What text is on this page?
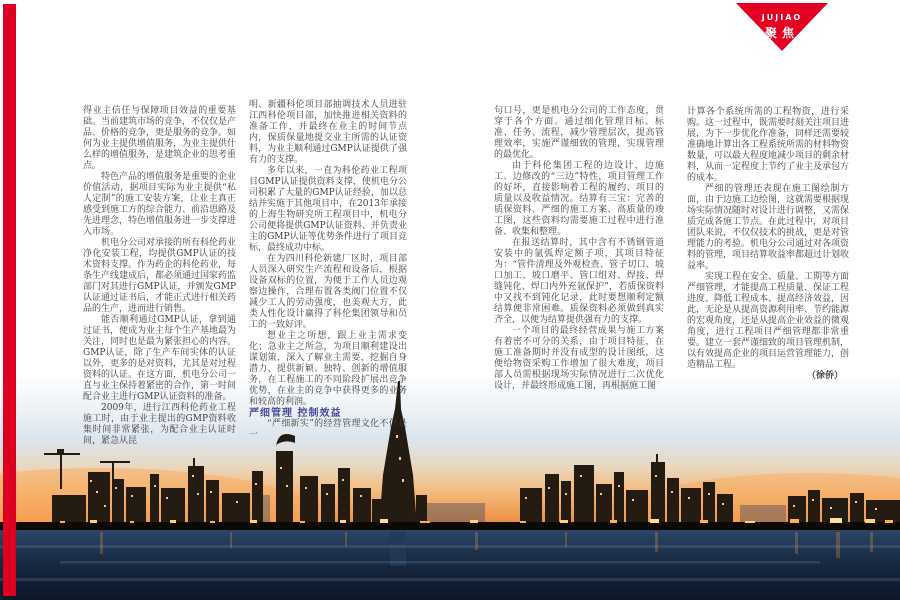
JUJIAO
聚焦

得业主信任与保障项目效益的重要基础。当前建筑市场的竞争，不仅仅是产品、价格的竞争，更是服务的竞争。如何为业主提供增值服务，为业主提供什么样的增值服务，是建筑企业的思考重点。

特色产品的增值服务是重要的企业价值活动，据项目实际为业主提供“私人定制”的施工安装方案，让业主真正感受到施工方的综合能力、前沿思路及先进理念，特色增值服务进一步支撑进入市场。

机电分公司对承接的所有科伦药业净化安装工程，均提供GMP认证的技术资料支撑。作为药企的科伦药业，每条生产线建成后，都必须通过国家药监部门对其进行GMP认证，并颁发GMP认证通过证书后，才能正式进行相关药品的生产，进而进行销售。

能否顺利通过GMP认证，拿到通过证书，便成为业主每个生产基地最为关注，同时也是最为紧张担心的内容。GMP认证，除了生产车间实体的认证以外，更多的是对资料，尤其是对过程资料的认证。在这方面，机电分公司一直与业主保持着紧密的合作，第一时间配合业主进行GMP认证资料的准备。

2009年，进行江西科伦药业工程施工时，由于业主提出的GMP资料收集时间非常紧张，为配合业主认证时间，紧急从昆

明、新疆科伦项目部抽调技术人员进驻江西科伦项目部，加快推进相关资料的准备工作，并最终在业主的时间节点内，保质保量地提交业主所需的认证资料，为业主顺利通过GMP认证提供了强有力的支撑。

多年以来，一直为科伦药业工程项目GMP认证提供资料支撑，使机电分公司积累了大量的GMP认证经验，加以总结并实施于其他项目中，在2013年承接的上海生物研究所工程项目中，机电分公司便将提供GMP认证资料、并负责业主的GMP认证等优势条件进行了项目竞标，最终成功中标。

在为四川科伦新建厂区时，项目部人员深入研究生产流程和设备后，根据设备双标的位置，为便于工作人员边观察边操作，合理布置各类阀门位置不仅减少工人的劳动强度，也美观大方，此类人性化设计赢得了科伦集团领导和员工的一致好评。

想业主之所想，跟上业主需求变化；急业主之所急，为项目顺利建设出谋划策，深入了解业主需要，挖掘自身潜力，提供新颖、独特、创新的增值服务，在工程施工的不同阶段扩展出竞争优势，在业主的竞争中获得更多的业务和较高的利润。

严细管理 控制效益

“严细新实”的经营管理文化不仅是一

句口号，更是机电分公司的工作态度，贯穿于各个方面。通过细化管理目标、标准、任务、流程，减少管理层次，提高管理效率，实施严谨细致的管理，实现管理的最优化。

由于科伦集团工程的边设计、边施工、边修改的“三边”特性，项目管理工作的好坏，直接影响着工程的履约、项目的质量以及收益情况。结算有三宝：完善的质保资料、严细的施工方案、高质量的竣工图，这些资料均需要施工过程中进行准备、收集和整理。

在报送结算时，其中含有不锈钢管道安装中的氩弧焊定额子项，其项目特征为：“管件清理及外观检查、管子切口、坡口加工、坡口磨平、管口组对、焊接、焊缝钝化、焊口内外充氩保护”，若质保资料中又找不到钝化记录，此时要想顺利定额结算便非常困难。质保资料必须做到真实齐全，以便为结算提供强有力的支撑。

一个项目的最终经营成果与施工方案有着密不可分的关系，由于项目特征，在施工准备期时并没有成型的设计图纸，这便给物资采购工作增加了很大难度，项目部人员需根据现场实际情况进行二次优化设计，并最终形成施工图，再根据施工图

计算各个系统所需的工程物资，进行采购。这一过程中，既需要时刻关注项目进展，为下一步优化作准备，同样还需要较准确地计算出各工程系统所需的材料物资数量，可以最大程度地减少项目的剩余材料，从而一定程度上节约了业主及承包方的成本。

严细的管理还表现在施工图绘制方面，由于边施工边绘图，这就需要根据现场实际情况随时对设计进行调整，又需保质完成各施工节点。在此过程中，对项目团队来说，不仅仅技术的挑战，更是对管理能力的考验。机电分公司通过对各项资料的管理，项目结算收益率都超过计划收益率。

实现工程在安全、质量、工期等方面严细管理，才能提高工程质量、保证工程进度、降低工程成本、提高经济效益，因此，无论是从提高资源利用率、节约能源的宏观角度，还是从提高企业效益的微观角度，进行工程项目严细管理都非常重要。建立一套严谨细致的项目管理机制，以有效提高企业的项目运营管理能力，创造精品工程。

（徐侨）
